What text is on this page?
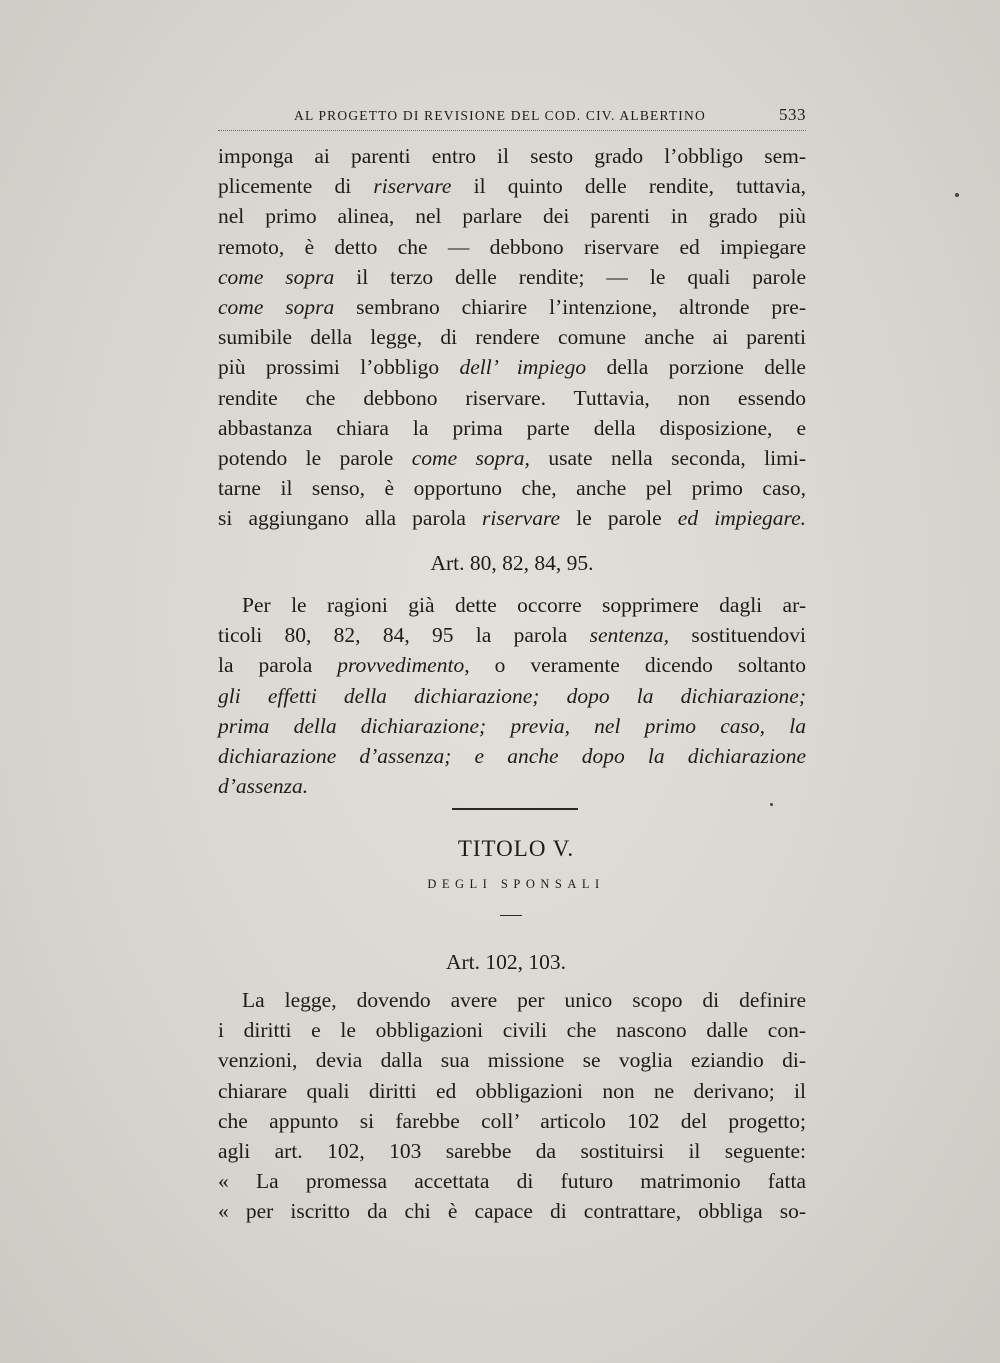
AL PROGETTO DI REVISIONE DEL COD. CIV. ALBERTINO	533
imponga ai parenti entro il sesto grado l’obbligo sem-
plicemente di riservare il quinto delle rendite, tuttavia,
nel primo alinea, nel parlare dei parenti in grado più
remoto, è detto che — debbono riservare ed impiegare
come sopra il terzo delle rendite; — le quali parole
come sopra sembrano chiarire l’intenzione, altronde pre-
sumibile della legge, di rendere comune anche ai parenti
più prossimi l’obbligo dell’ impiego della porzione delle
rendite che debbono riservare. Tuttavia, non essendo
abbastanza chiara la prima parte della disposizione, e
potendo le parole come sopra, usate nella seconda, limi-
tarne il senso, è opportuno che, anche pel primo caso,
si aggiungano alla parola riservare le parole ed impiegare.
Art. 80, 82, 84, 95.
Per le ragioni già dette occorre sopprimere dagli ar-
ticoli 80, 82, 84, 95 la parola sentenza, sostituendovi
la parola provvedimento, o veramente dicendo soltanto
gli effetti della dichiarazione; dopo la dichiarazione;
prima della dichiarazione; previa, nel primo caso, la
dichiarazione d’assenza; e anche dopo la dichiarazione
d’assenza.
TITOLO V.
DEGLI SPONSALI
Art. 102, 103.
La legge, dovendo avere per unico scopo di definire
i diritti e le obbligazioni civili che nascono dalle con-
venzioni, devia dalla sua missione se voglia eziandio di-
chiarare quali diritti ed obbligazioni non ne derivano; il
che appunto si farebbe coll’ articolo 102 del progetto;
agli art. 102, 103 sarebbe da sostituirsi il seguente:
« La promessa accettata di futuro matrimonio fatta
« per iscritto da chi è capace di contrattare, obbliga so-
